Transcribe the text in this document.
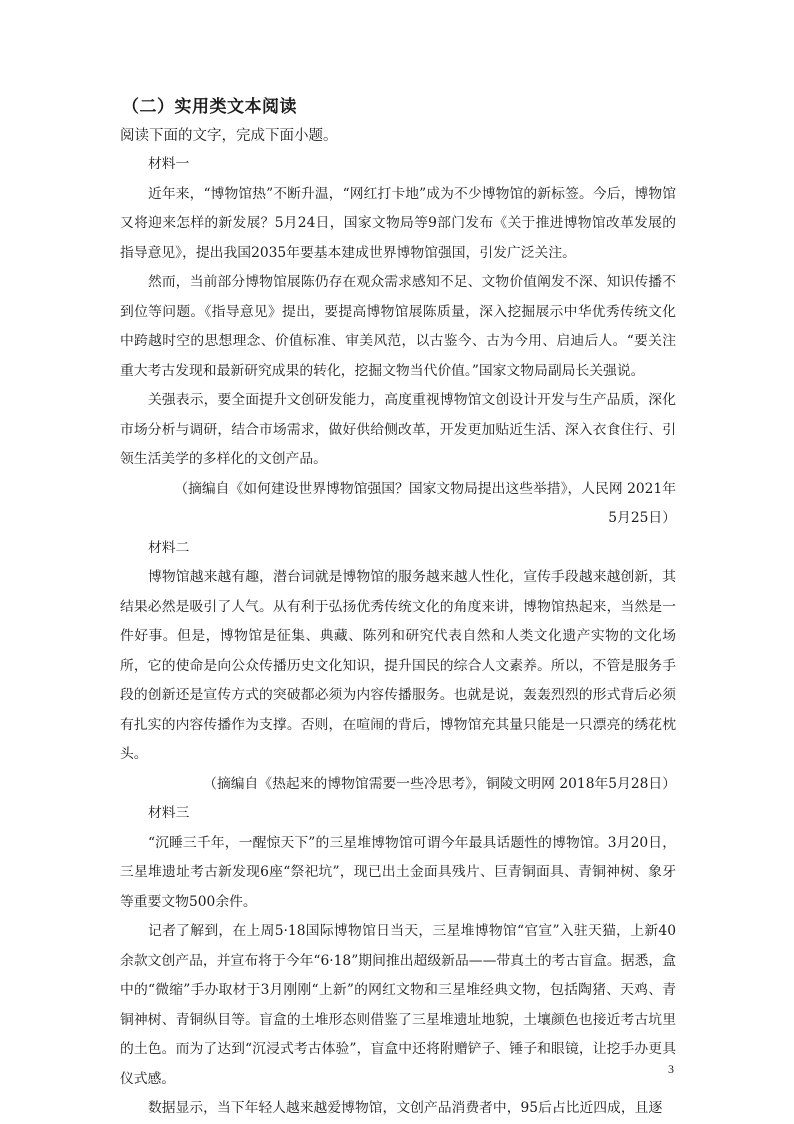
（二）实用类文本阅读
阅读下面的文字，完成下面小题。

材料一

近年来，“博物馆热”不断升温，“网红打卡地”成为不少博物馆的新标签。今后，博物馆又将迎来怎样的新发展？5月24日，国家文物局等9部门发布《关于推进博物馆改革发展的指导意见》，提出我国2035年要基本建成世界博物馆强国，引发广泛关注。

然而，当前部分博物馆展陈仍存在观众需求感知不足、文物价值阐发不深、知识传播不到位等问题。《指导意见》提出，要提高博物馆展陈质量，深入挖掘展示中华优秀传统文化中跨越时空的思想理念、价值标准、审美风范，以古鉴今、古为今用、启迪后人。“要关注重大考古发现和最新研究成果的转化，挖掘文物当代价值。”国家文物局副局长关强说。

关强表示，要全面提升文创研发能力，高度重视博物馆文创设计开发与生产品质，深化市场分析与调研，结合市场需求，做好供给侧改革，开发更加贴近生活、深入衣食住行、引领生活美学的多样化的文创产品。

（摘编自《如何建设世界博物馆强国？国家文物局提出这些举措》，人民网 2021年5月25日）

材料二

博物馆越来越有趣，潜台词就是博物馆的服务越来越人性化，宣传手段越来越创新，其结果必然是吸引了人气。从有利于弘扬优秀传统文化的角度来讲，博物馆热起来，当然是一件好事。但是，博物馆是征集、典藏、陈列和研究代表自然和人类文化遗产实物的文化场所，它的使命是向公众传播历史文化知识，提升国民的综合人文素养。所以，不管是服务手段的创新还是宣传方式的突破都必须为内容传播服务。也就是说，轰轰烈烈的形式背后必须有扎实的内容传播作为支撑。否则，在喧闹的背后，博物馆充其量只能是一只漂亮的绣花枕头。

（摘编自《热起来的博物馆需要一些冷思考》，铜陵文明网 2018年5月28日）

材料三

“沉睡三千年，一醒惊天下”的三星堆博物馆可谓今年最具话题性的博物馆。3月20日，三星堆遗址考古新发现6座“祭祀坑”，现已出土金面具残片、巨青铜面具、青铜神树、象牙等重要文物500余件。

记者了解到，在上周5·18国际博物馆日当天，三星堆博物馆“官宣”入驻天猫，上新40余款文创产品，并宣布将于今年“6·18”期间推出超级新品——带真土的考古盲盒。据悉，盒中的“微缩”手办取材于3月刚刚“上新”的网红文物和三星堆经典文物，包括陶猪、天鸡、青铜神树、青铜纵目等。盲盒的土堆形态则借鉴了三星堆遗址地貌，土壤颜色也接近考古坑里的土色。而为了达到“沉浸式考古体验”，盲盒中还将附赠铲子、锤子和眼镜，让挖手办更具仪式感。

数据显示，当下年轻人越来越爱博物馆，文创产品消费者中，95后占比近四成，且逐

3
